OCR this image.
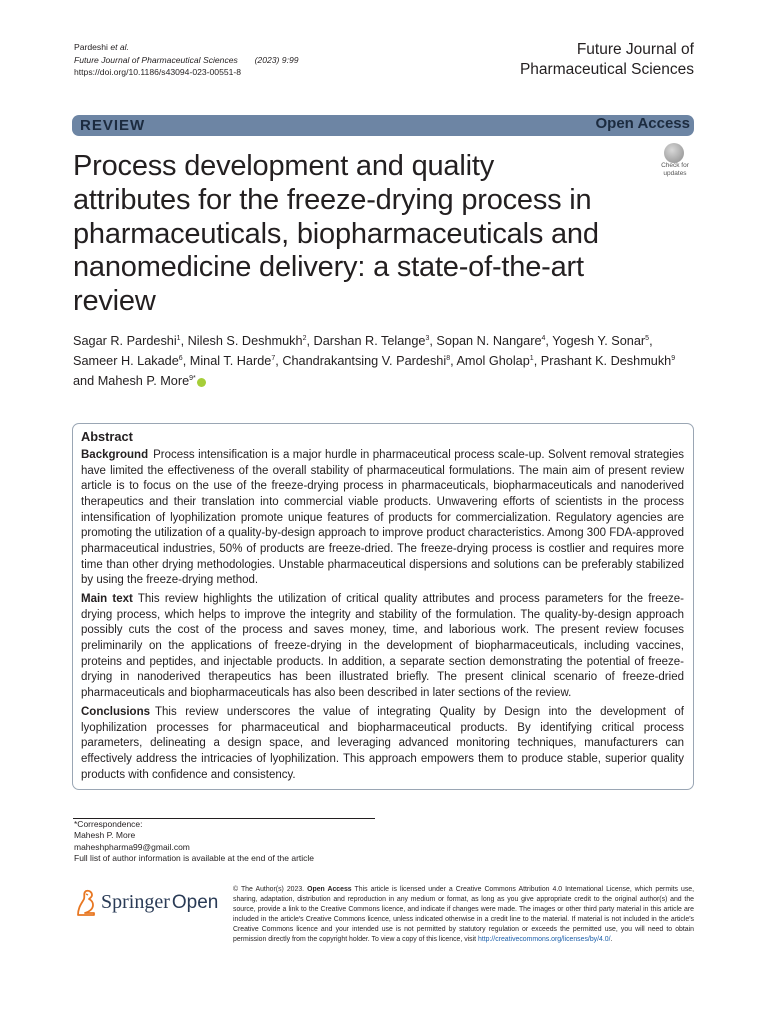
Pardeshi et al.
Future Journal of Pharmaceutical Sciences (2023) 9:99
https://doi.org/10.1186/s43094-023-00551-8
Future Journal of
Pharmaceutical Sciences
REVIEW	Open Access
Process development and quality attributes for the freeze-drying process in pharmaceuticals, biopharmaceuticals and nanomedicine delivery: a state-of-the-art review
Check for
updates
Sagar R. Pardeshi$^1$, Nilesh S. Deshmukh$^2$, Darshan R. Telange$^3$, Sopan N. Nangare$^4$, Yogesh Y. Sonar$^5$, Sameer H. Lakade$^6$, Minal T. Harde$^7$, Chandrakantsing V. Pardeshi$^8$, Amol Gholap$^1$, Prashant K. Deshmukh$^9$ and Mahesh P. More$^{9*}$
Abstract
Background Process intensification is a major hurdle in pharmaceutical process scale-up. Solvent removal strategies have limited the effectiveness of the overall stability of pharmaceutical formulations. The main aim of present review article is to focus on the use of the freeze-drying process in pharmaceuticals, biopharmaceuticals and nanoderived therapeutics and their translation into commercial viable products. Unwavering efforts of scientists in the process intensification of lyophilization promote unique features of products for commercialization. Regulatory agencies are promoting the utilization of a quality-by-design approach to improve product characteristics. Among 300 FDA-approved pharmaceutical industries, 50% of products are freeze-dried. The freeze-drying process is costlier and requires more time than other drying methodologies. Unstable pharmaceutical dispersions and solutions can be preferably stabilized by using the freeze-drying method.
Main text This review highlights the utilization of critical quality attributes and process parameters for the freeze-drying process, which helps to improve the integrity and stability of the formulation. The quality-by-design approach possibly cuts the cost of the process and saves money, time, and laborious work. The present review focuses preliminarily on the applications of freeze-drying in the development of biopharmaceuticals, including vaccines, proteins and peptides, and injectable products. In addition, a separate section demonstrating the potential of freeze-drying in nanoderived therapeutics has been illustrated briefly. The present clinical scenario of freeze-dried pharmaceuticals and biopharmaceuticals has also been described in later sections of the review.
Conclusions This review underscores the value of integrating Quality by Design into the development of lyophilization processes for pharmaceutical and biopharmaceutical products. By identifying critical process parameters, delineating a design space, and leveraging advanced monitoring techniques, manufacturers can effectively address the intricacies of lyophilization. This approach empowers them to produce stable, superior quality products with confidence and consistency.
*Correspondence:
Mahesh P. More
maheshpharma99@gmail.com
Full list of author information is available at the end of the article
Springer Open
© The Author(s) 2023. Open Access This article is licensed under a Creative Commons Attribution 4.0 International License, which permits use, sharing, adaptation, distribution and reproduction in any medium or format, as long as you give appropriate credit to the original author(s) and the source, provide a link to the Creative Commons licence, and indicate if changes were made. The images or other third party material in this article are included in the article's Creative Commons licence, unless indicated otherwise in a credit line to the material. If material is not included in the article's Creative Commons licence and your intended use is not permitted by statutory regulation or exceeds the permitted use, you will need to obtain permission directly from the copyright holder. To view a copy of this licence, visit http://creativecommons.org/licenses/by/4.0/.
